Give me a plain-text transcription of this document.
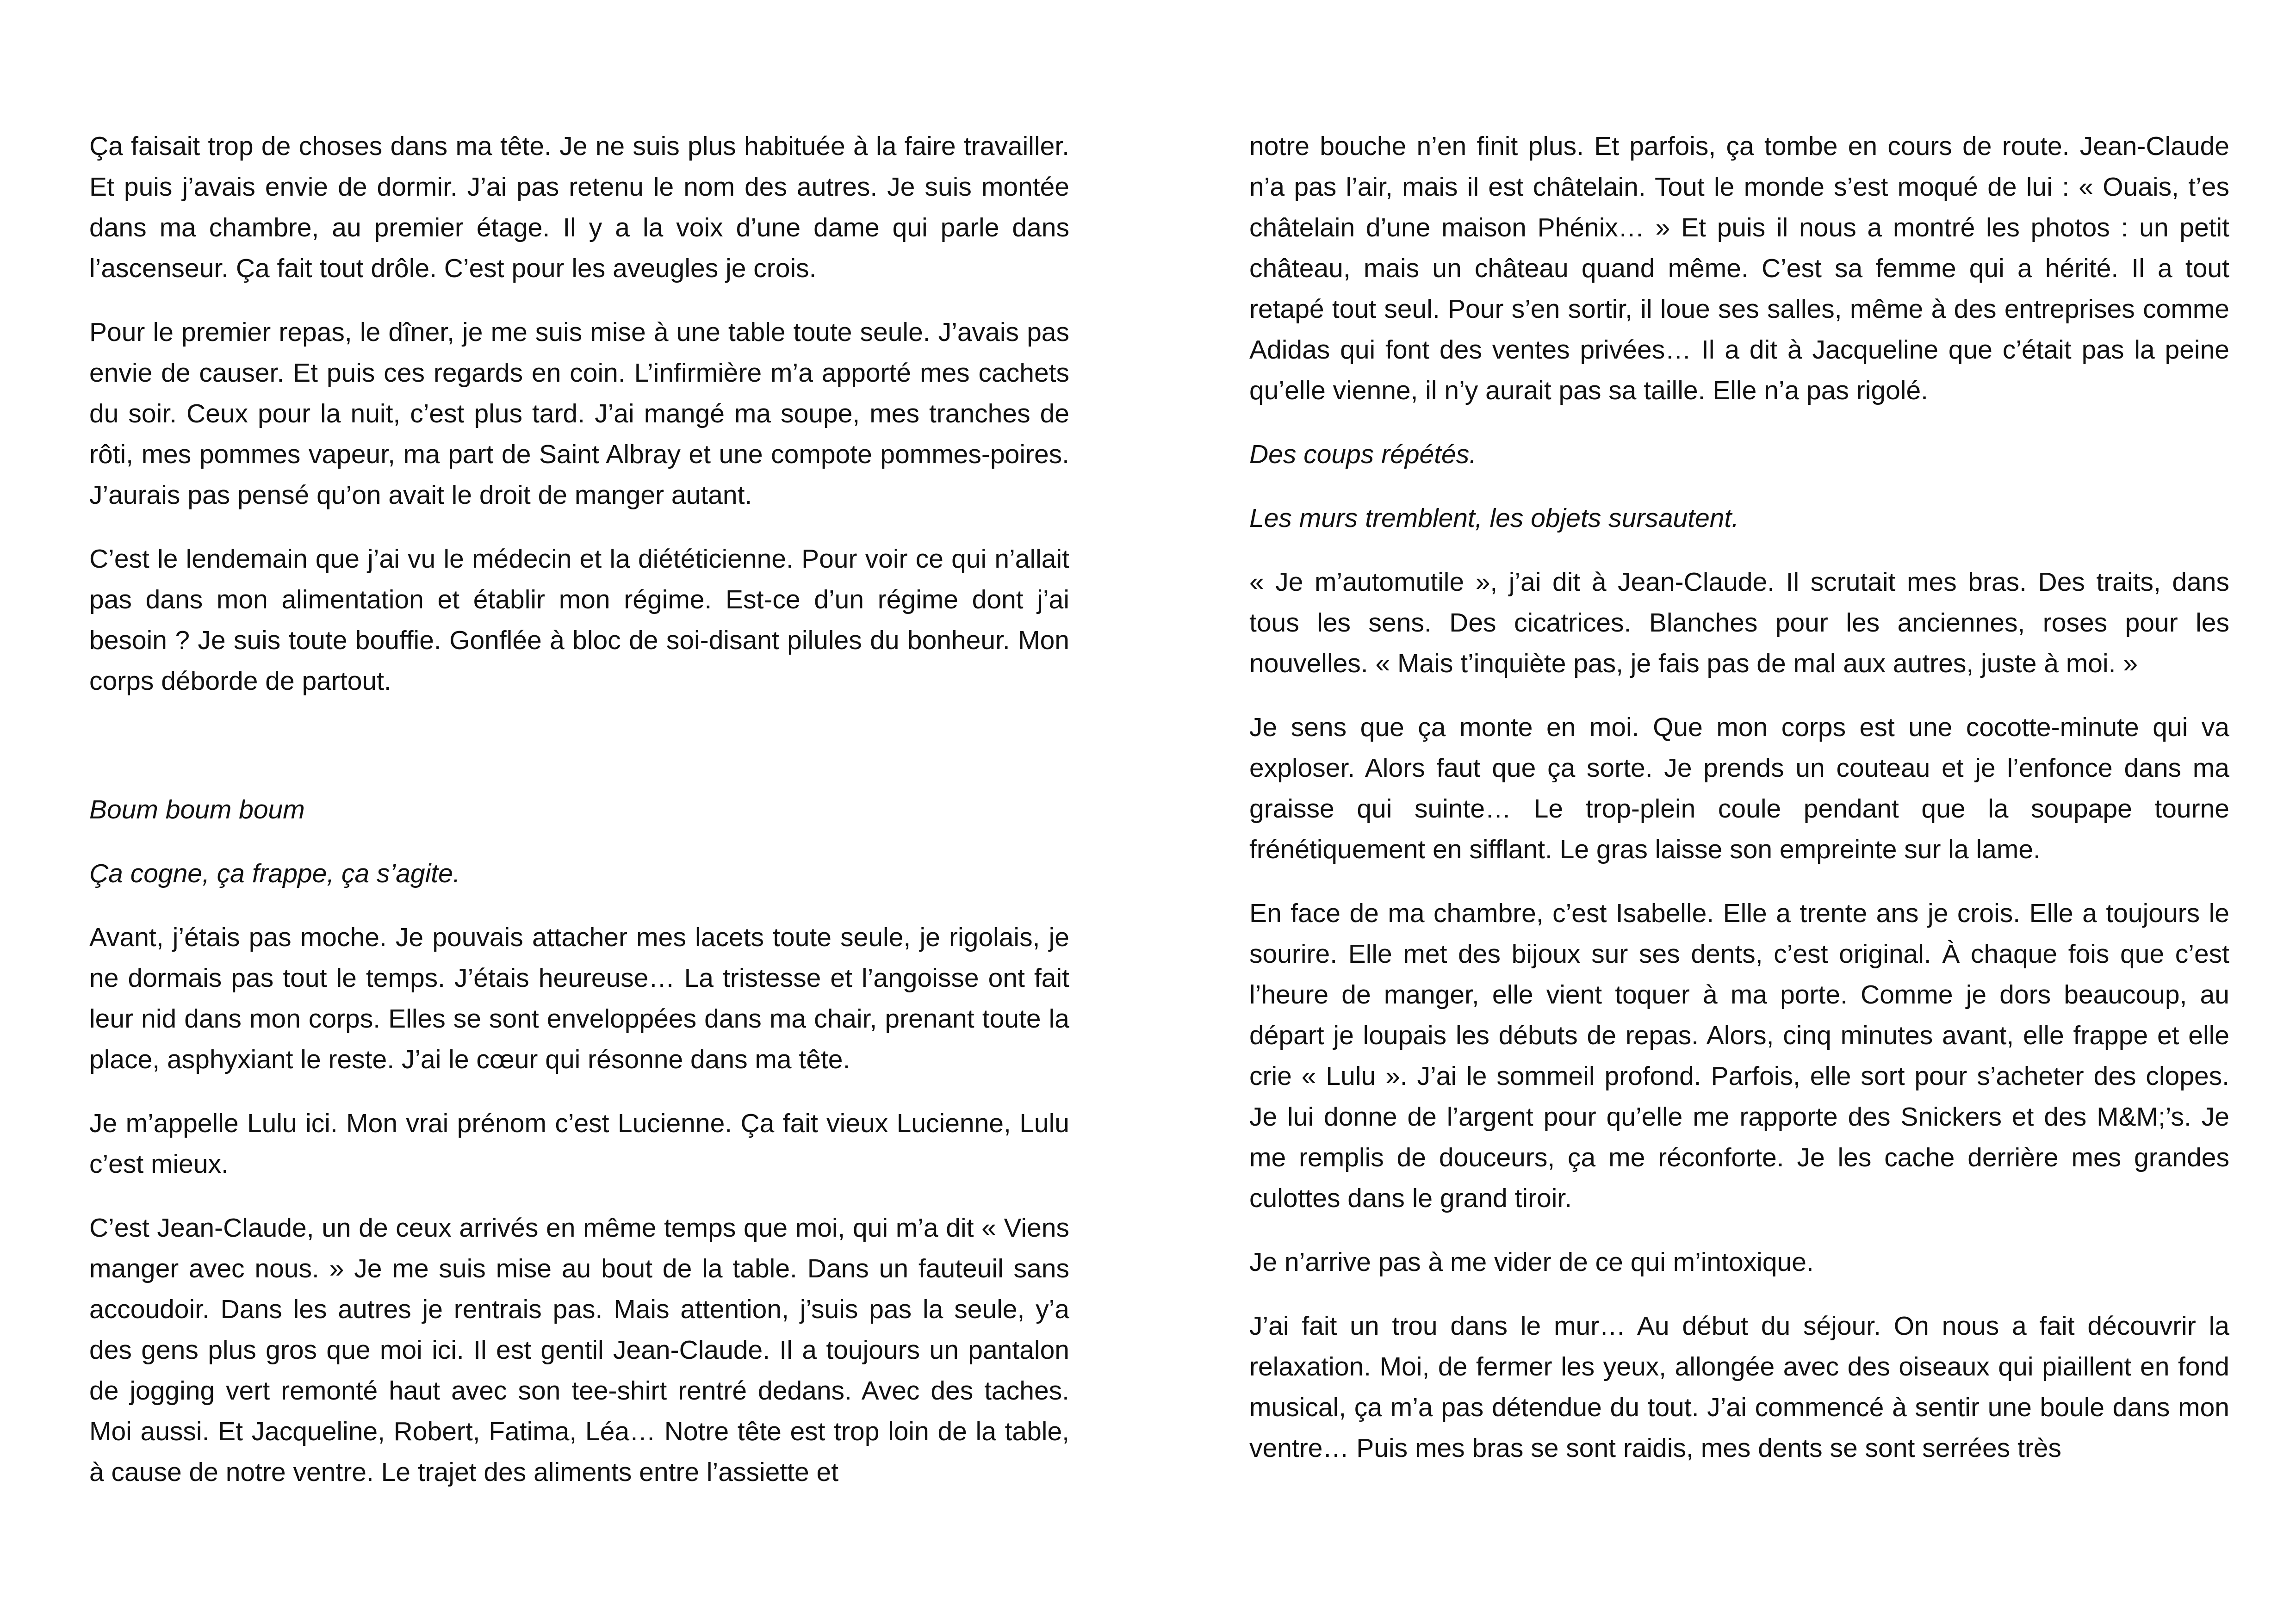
Ça faisait trop de choses dans ma tête. Je ne suis plus habituée à la faire travailler. Et puis j’avais envie de dormir. J’ai pas retenu le nom des autres. Je suis montée dans ma chambre, au premier étage. Il y a la voix d’une dame qui parle dans l’ascenseur. Ça fait tout drôle. C’est pour les aveugles je crois.

Pour le premier repas, le dîner, je me suis mise à une table toute seule. J’avais pas envie de causer. Et puis ces regards en coin. L’infirmière m’a apporté mes cachets du soir. Ceux pour la nuit, c’est plus tard. J’ai mangé ma soupe, mes tranches de rôti, mes pommes vapeur, ma part de Saint Albray et une compote pommes-poires. J’aurais pas pensé qu’on avait le droit de manger autant.

C’est le lendemain que j’ai vu le médecin et la diététicienne. Pour voir ce qui n’allait pas dans mon alimentation et établir mon régime. Est-ce d’un régime dont j’ai besoin ? Je suis toute bouffie. Gonflée à bloc de soi-disant pilules du bonheur. Mon corps déborde de partout.

Boum boum boum

Ça cogne, ça frappe, ça s’agite.

Avant, j’étais pas moche. Je pouvais attacher mes lacets toute seule, je rigolais, je ne dormais pas tout le temps. J’étais heureuse… La tristesse et l’angoisse ont fait leur nid dans mon corps. Elles se sont enveloppées dans ma chair, prenant toute la place, asphyxiant le reste. J’ai le cœur qui résonne dans ma tête.

Je m’appelle Lulu ici. Mon vrai prénom c’est Lucienne. Ça fait vieux Lucienne, Lulu c’est mieux.

C’est Jean-Claude, un de ceux arrivés en même temps que moi, qui m’a dit « Viens manger avec nous. » Je me suis mise au bout de la table. Dans un fauteuil sans accoudoir. Dans les autres je rentrais pas. Mais attention, j’suis pas la seule, y’a des gens plus gros que moi ici. Il est gentil Jean-Claude. Il a toujours un pantalon de jogging vert remonté haut avec son tee-shirt rentré dedans. Avec des taches. Moi aussi. Et Jacqueline, Robert, Fatima, Léa… Notre tête est trop loin de la table, à cause de notre ventre. Le trajet des aliments entre l’assiette et

notre bouche n’en finit plus. Et parfois, ça tombe en cours de route. Jean-Claude n’a pas l’air, mais il est châtelain. Tout le monde s’est moqué de lui : « Ouais, t’es châtelain d’une maison Phénix… » Et puis il nous a montré les photos : un petit château, mais un château quand même. C’est sa femme qui a hérité. Il a tout retapé tout seul. Pour s’en sortir, il loue ses salles, même à des entreprises comme Adidas qui font des ventes privées… Il a dit à Jacqueline que c’était pas la peine qu’elle vienne, il n’y aurait pas sa taille. Elle n’a pas rigolé.

Des coups répétés.

Les murs tremblent, les objets sursautent.

« Je m’automutile », j’ai dit à Jean-Claude. Il scrutait mes bras. Des traits, dans tous les sens. Des cicatrices. Blanches pour les anciennes, roses pour les nouvelles. « Mais t’inquiète pas, je fais pas de mal aux autres, juste à moi. »

Je sens que ça monte en moi. Que mon corps est une cocotte-minute qui va exploser. Alors faut que ça sorte. Je prends un couteau et je l’enfonce dans ma graisse qui suinte… Le trop-plein coule pendant que la soupape tourne frénétiquement en sifflant. Le gras laisse son empreinte sur la lame.

En face de ma chambre, c’est Isabelle. Elle a trente ans je crois. Elle a toujours le sourire. Elle met des bijoux sur ses dents, c’est original. À chaque fois que c’est l’heure de manger, elle vient toquer à ma porte. Comme je dors beaucoup, au départ je loupais les débuts de repas. Alors, cinq minutes avant, elle frappe et elle crie « Lulu ». J’ai le sommeil profond. Parfois, elle sort pour s’acheter des clopes. Je lui donne de l’argent pour qu’elle me rapporte des Snickers et des M&M;’s. Je me remplis de douceurs, ça me réconforte. Je les cache derrière mes grandes culottes dans le grand tiroir.

Je n’arrive pas à me vider de ce qui m’intoxique.

J’ai fait un trou dans le mur… Au début du séjour. On nous a fait découvrir la relaxation. Moi, de fermer les yeux, allongée avec des oiseaux qui piaillent en fond musical, ça m’a pas détendue du tout. J’ai commencé à sentir une boule dans mon ventre… Puis mes bras se sont raidis, mes dents se sont serrées très
